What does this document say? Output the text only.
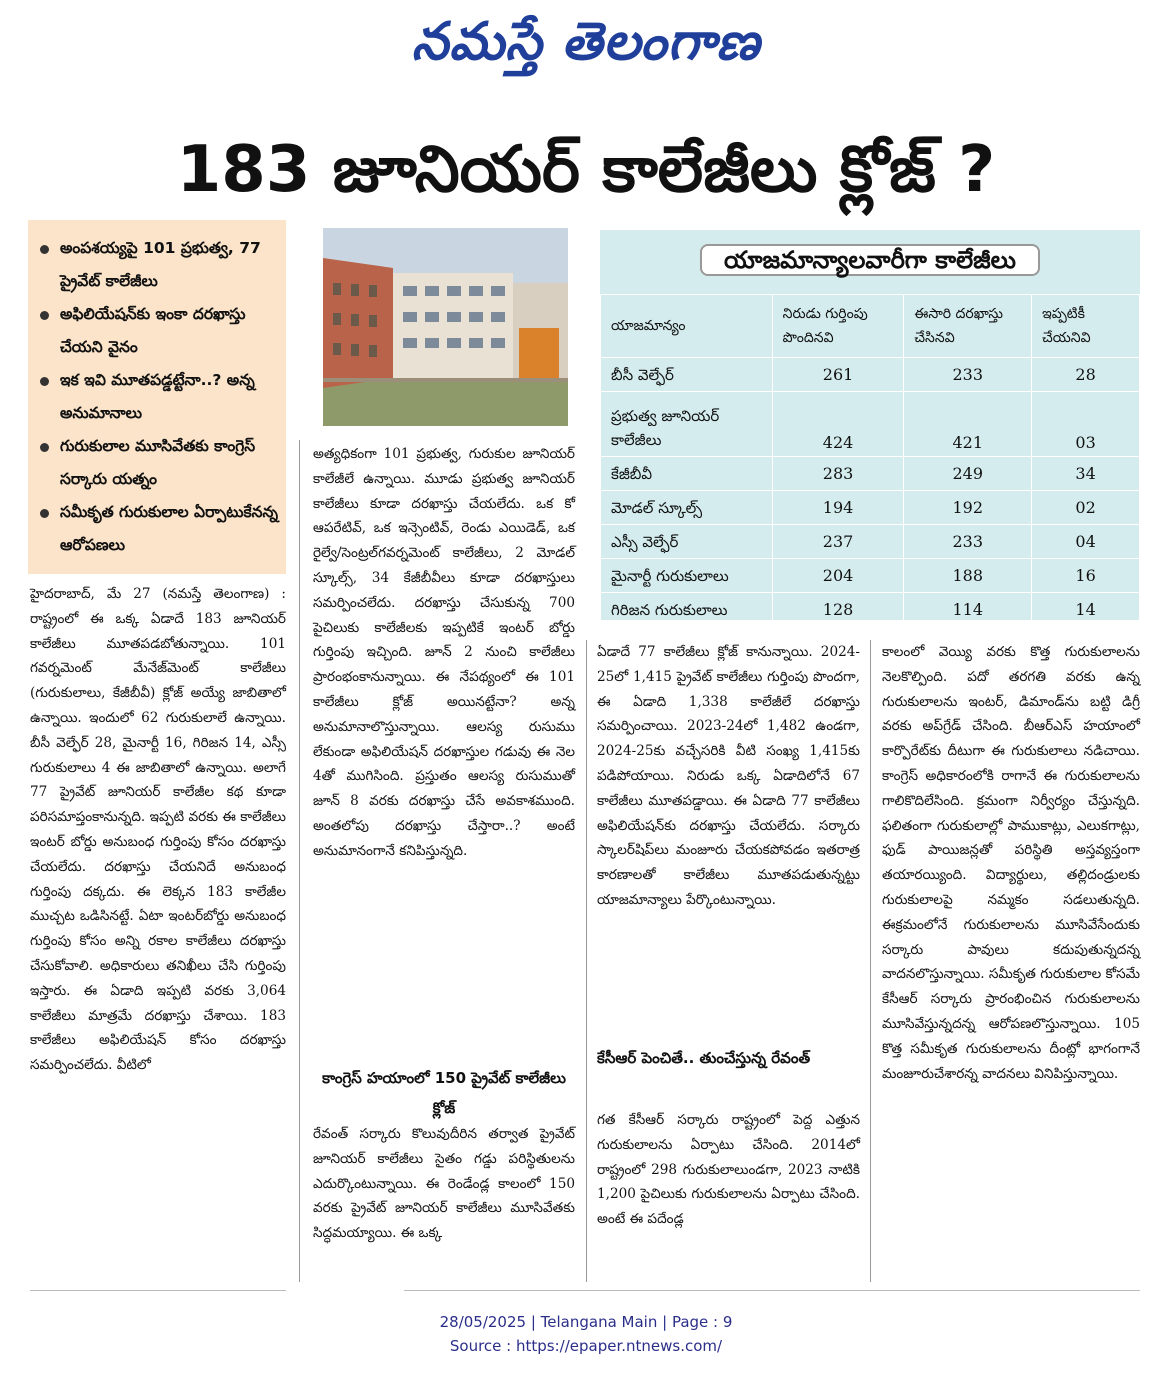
నమస్తే తెలంగాణ
183 జూనియర్‌ కాలేజీలు క్లోజ్‌ ?
అంపశయ్యపై 101 ప్రభుత్వ, 77 ప్రైవేట్‌ కాలేజీలు
అఫిలియేషన్‌కు ఇంకా దరఖాస్తు చేయని వైనం
ఇక ఇవి మూతపడ్డట్టేనా..? అన్న అనుమానాలు
గురుకులాల మూసివేతకు కాంగ్రెస్‌ సర్కారు యత్నం
సమీకృత గురుకులాల ఏర్పాటుకేనన్న ఆరోపణలు
యాజమాన్యాలవారీగా కాలేజీలు
యాజమాన్యం	నిరుడు గుర్తింపు పొందినవి	ఈసారి దరఖాస్తు చేసినవి	ఇప్పటికీ చేయనివి
బీసీ వెల్ఫేర్‌	261	233	28
ప్రభుత్వ జూనియర్‌ కాలేజీలు	424	421	03
కేజీబీవీ	283	249	34
మోడల్‌ స్కూల్స్‌	194	192	02
ఎస్సీ వెల్ఫేర్‌	237	233	04
మైనార్టీ గురుకులాలు	204	188	16
గిరిజన గురుకులాలు	128	114	14
హైదరాబాద్‌, మే 27 (నమస్తే తెలంగాణ) : రాష్ట్రంలో ఈ ఒక్క ఏడాదే 183 జూనియర్‌ కాలేజీలు మూతపడబోతున్నాయి. 101 గవర్నమెంట్‌ మేనేజ్‌మెంట్‌ కాలేజీలు (గురుకులాలు, కేజీబీవీ) క్లోజ్‌ అయ్యే జాబితాలో ఉన్నాయి. ఇందులో 62 గురుకులాలే ఉన్నాయి. బీసీ వెల్ఫేర్‌ 28, మైనార్టీ 16, గిరిజన 14, ఎస్సీ గురుకులాలు 4 ఈ జాబితాలో ఉన్నాయి. అలాగే 77 ప్రైవేట్‌ జూనియర్‌ కాలేజీల కథ కూడా పరిసమాప్తంకానున్నది. ఇప్పటి వరకు ఈ కాలేజీలు ఇంటర్‌ బోర్డు అనుబంధ గుర్తింపు కోసం దరఖాస్తు చేయలేదు. దరఖాస్తు చేయనిదే అనుబంధ గుర్తింపు దక్కదు. ఈ లెక్కన 183 కాలేజీల ముచ్చట ఒడిసినట్టే. ఏటా ఇంటర్‌బోర్డు అనుబంధ గుర్తింపు కోసం అన్ని రకాల కాలేజీలు దరఖాస్తు చేసుకోవాలి. అధికారులు తనిఖీలు చేసి గుర్తింపు ఇస్తారు. ఈ ఏడాది ఇప్పటి వరకు 3,064 కాలేజీలు మాత్రమే దరఖాస్తు చేశాయి. 183 కాలేజీలు అఫిలియేషన్‌ కోసం దరఖాస్తు సమర్పించలేదు. వీటిలో
అత్యధికంగా 101 ప్రభుత్వ, గురుకుల జూనియర్‌ కాలేజీలే ఉన్నాయి. మూడు ప్రభుత్వ జూనియర్‌ కాలేజీలు కూడా దరఖాస్తు చేయలేదు. ఒక కో ఆపరేటివ్‌, ఒక ఇన్సెంటివ్‌, రెండు ఎయిడెడ్‌, ఒక రైల్వే/సెంట్రల్‌గవర్నమెంట్‌ కాలేజీలు, 2 మోడల్‌ స్కూల్స్‌, 34 కేజీబీవీలు కూడా దరఖాస్తులు సమర్పించలేదు. దరఖాస్తు చేసుకున్న 700 పైచిలుకు కాలేజీలకు ఇప్పటికే ఇంటర్‌ బోర్డు గుర్తింపు ఇచ్చింది. జూన్‌ 2 నుంచి కాలేజీలు ప్రారంభంకానున్నాయి. ఈ నేపథ్యంలో ఈ 101 కాలేజీలు క్లోజ్‌ అయినట్టేనా? అన్న అనుమానాలొస్తున్నాయి. ఆలస్య రుసుము లేకుండా అఫిలియేషన్‌ దరఖాస్తుల గడువు ఈ నెల 4తో ముగిసింది. ప్రస్తుతం ఆలస్య రుసుముతో జూన్‌ 8 వరకు దరఖాస్తు చేసే అవకాశముంది. అంతలోపు దరఖాస్తు చేస్తారా..? అంటే అనుమానంగానే కనిపిస్తున్నది.
కాంగ్రెస్‌ హయాంలో 150 ప్రైవేట్‌ కాలేజీలు క్లోజ్‌
రేవంత్‌ సర్కారు కొలువుదీరిన తర్వాత ప్రైవేట్‌ జూనియర్‌ కాలేజీలు సైతం గడ్డు పరిస్థితులను ఎదుర్కొంటున్నాయి. ఈ రెండేండ్ల కాలంలో 150 వరకు ప్రైవేట్‌ జూనియర్‌ కాలేజీలు మూసివేతకు సిద్ధమయ్యాయి. ఈ ఒక్క
ఏడాదే 77 కాలేజీలు క్లోజ్‌ కానున్నాయి. 2024-25లో 1,415 ప్రైవేట్‌ కాలేజీలు గుర్తింపు పొందగా, ఈ ఏడాది 1,338 కాలేజీలే దరఖాస్తు సమర్పించాయి. 2023-24లో 1,482 ఉండగా, 2024-25కు వచ్చేసరికి వీటి సంఖ్య 1,415కు పడిపోయాయి. నిరుడు ఒక్క ఏడాదిలోనే 67 కాలేజీలు మూతపడ్డాయి. ఈ ఏడాది 77 కాలేజీలు అఫిలియేషన్‌కు దరఖాస్తు చేయలేదు. సర్కారు స్కాలర్‌షిప్‌లు మంజూరు చేయకపోవడం ఇతరాత్ర కారణాలతో కాలేజీలు మూతపడుతున్నట్టు యాజమాన్యాలు పేర్కొంటున్నాయి.
కేసీఆర్‌ పెంచితే.. తుంచేస్తున్న రేవంత్‌
గత కేసీఆర్‌ సర్కారు రాష్ట్రంలో పెద్ద ఎత్తున గురుకులాలను ఏర్పాటు చేసింది. 2014లో రాష్ట్రంలో 298 గురుకులాలుండగా, 2023 నాటికి 1,200 పైచిలుకు గురుకులాలను ఏర్పాటు చేసింది. అంటే ఈ పదేండ్ల
కాలంలో వెయ్యి వరకు కొత్త గురుకులాలను నెలకొల్పింది. పదో తరగతి వరకు ఉన్న గురుకులాలను ఇంటర్‌, డిమాండ్‌ను బట్టి డిగ్రీ వరకు అప్‌గ్రేడ్‌ చేసింది. బీఆర్‌ఎస్‌ హయాంలో కార్పొరేట్‌కు దీటుగా ఈ గురుకులాలు నడిచాయి. కాంగ్రెస్‌ అధికారంలోకి రాగానే ఈ గురుకులాలను గాలికొదిలేసింది. క్రమంగా నిర్వీర్యం చేస్తున్నది. ఫలితంగా గురుకులాల్లో పాముకాట్లు, ఎలుకగాట్లు, ఫుడ్‌ పాయిజన్లతో పరిస్థితి అస్తవ్యస్తంగా తయారయ్యింది. విద్యార్థులు, తల్లిదండ్రులకు గురుకులాలపై నమ్మకం సడలుతున్నది. ఈక్రమంలోనే గురుకులాలను మూసివేసేందుకు సర్కారు పావులు కదుపుతున్నదన్న వాదనలొస్తున్నాయి. సమీకృత గురుకులాల కోసమే కేసీఆర్‌ సర్కారు ప్రారంభించిన గురుకులాలను మూసివేస్తున్నదన్న ఆరోపణలొస్తున్నాయి. 105 కొత్త సమీకృత గురుకులాలను దీంట్లో భాగంగానే మంజూరుచేశారన్న వాదనలు వినిపిస్తున్నాయి.
28/05/2025 | Telangana Main | Page : 9
Source : https://epaper.ntnews.com/
